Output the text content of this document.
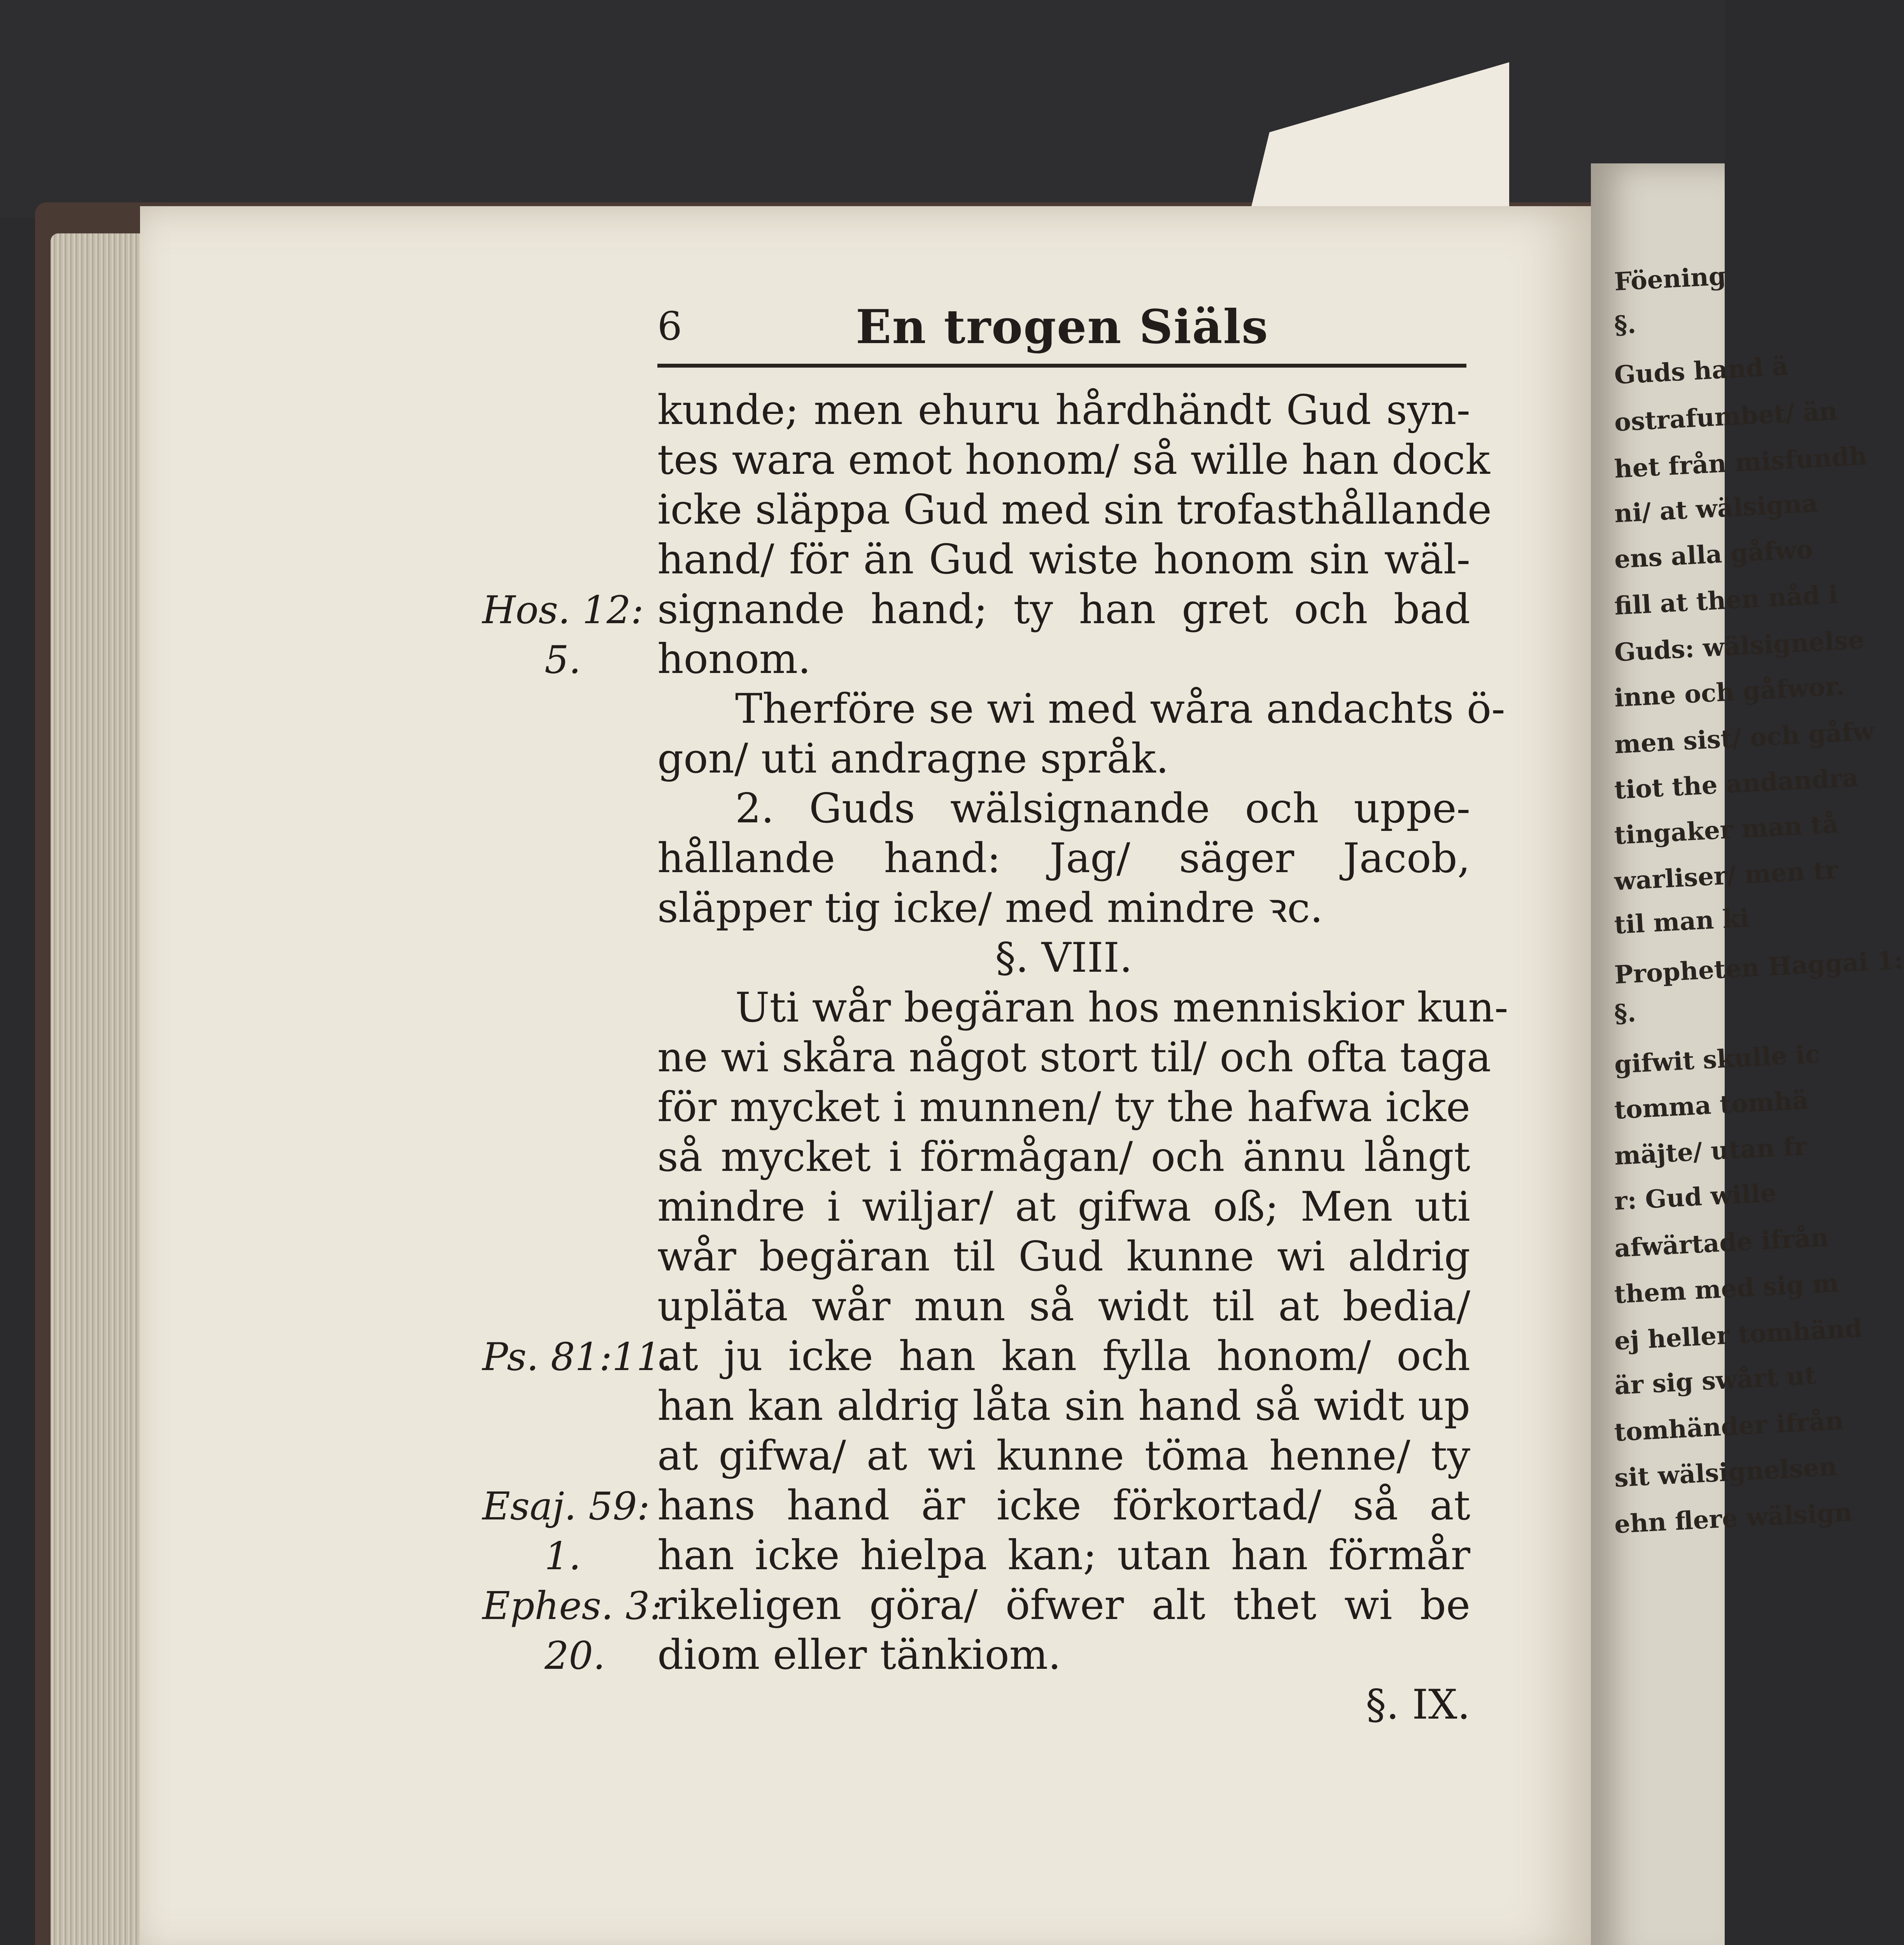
Föening
§.
Guds hand ä
ostrafumbet/ än
het från misfundh
ni/ at wälsigna
ens alla gåfwo
fill at then nåd i
Guds: wälsignelse
inne och gåfwor.
men sist/ och gåfw
tiot the andandra
tingaker man tå
warliser/ men tr
til man ki
Propheten Haggai 1:
§.
gifwit skulle ic
tomma tomhä
mäjte/ utan fr
r: Gud wille
afwärtade ifrån
them med sig m
ej heller tomhänd
är sig swårt ut
tomhänder ifrån
sit wälsignelsen
ehn flere wälsign
6	En trogen Siäls
kunde; men ehuru hårdhändt Gud syn-
tes wara emot honom/ så wille han dock
icke släppa Gud med sin trofasthållande
hand/ för än Gud wiste honom sin wäl-
signande hand; ty han gret och bad
honom.
Therföre se wi med wåra andachts ö-
gon/ uti andragne språk.
2. Guds wälsignande och uppe-
hållande hand: Jag/ säger Jacob,
släpper tig icke/ med mindre ꝛc.
§. VIII.
Uti wår begäran hos menniskior kun-
ne wi skåra något stort til/ och ofta taga
för mycket i munnen/ ty the hafwa icke
så mycket i förmågan/ och ännu långt
mindre i wiljar/ at gifwa oß; Men uti
wår begäran til Gud kunne wi aldrig
upläta wår mun så widt til at bedia/
at ju icke han kan fylla honom/ och
han kan aldrig låta sin hand så widt up
at gifwa/ at wi kunne töma henne/ ty
hans hand är icke förkortad/ så at
han icke hielpa kan; utan han förmår
rikeligen göra/ öfwer alt thet wi be
diom eller tänkiom.
§. IX.
Hos. 12:
5.
Ps. 81:11.
Esaj. 59:
1.
Ephes. 3:
20.
